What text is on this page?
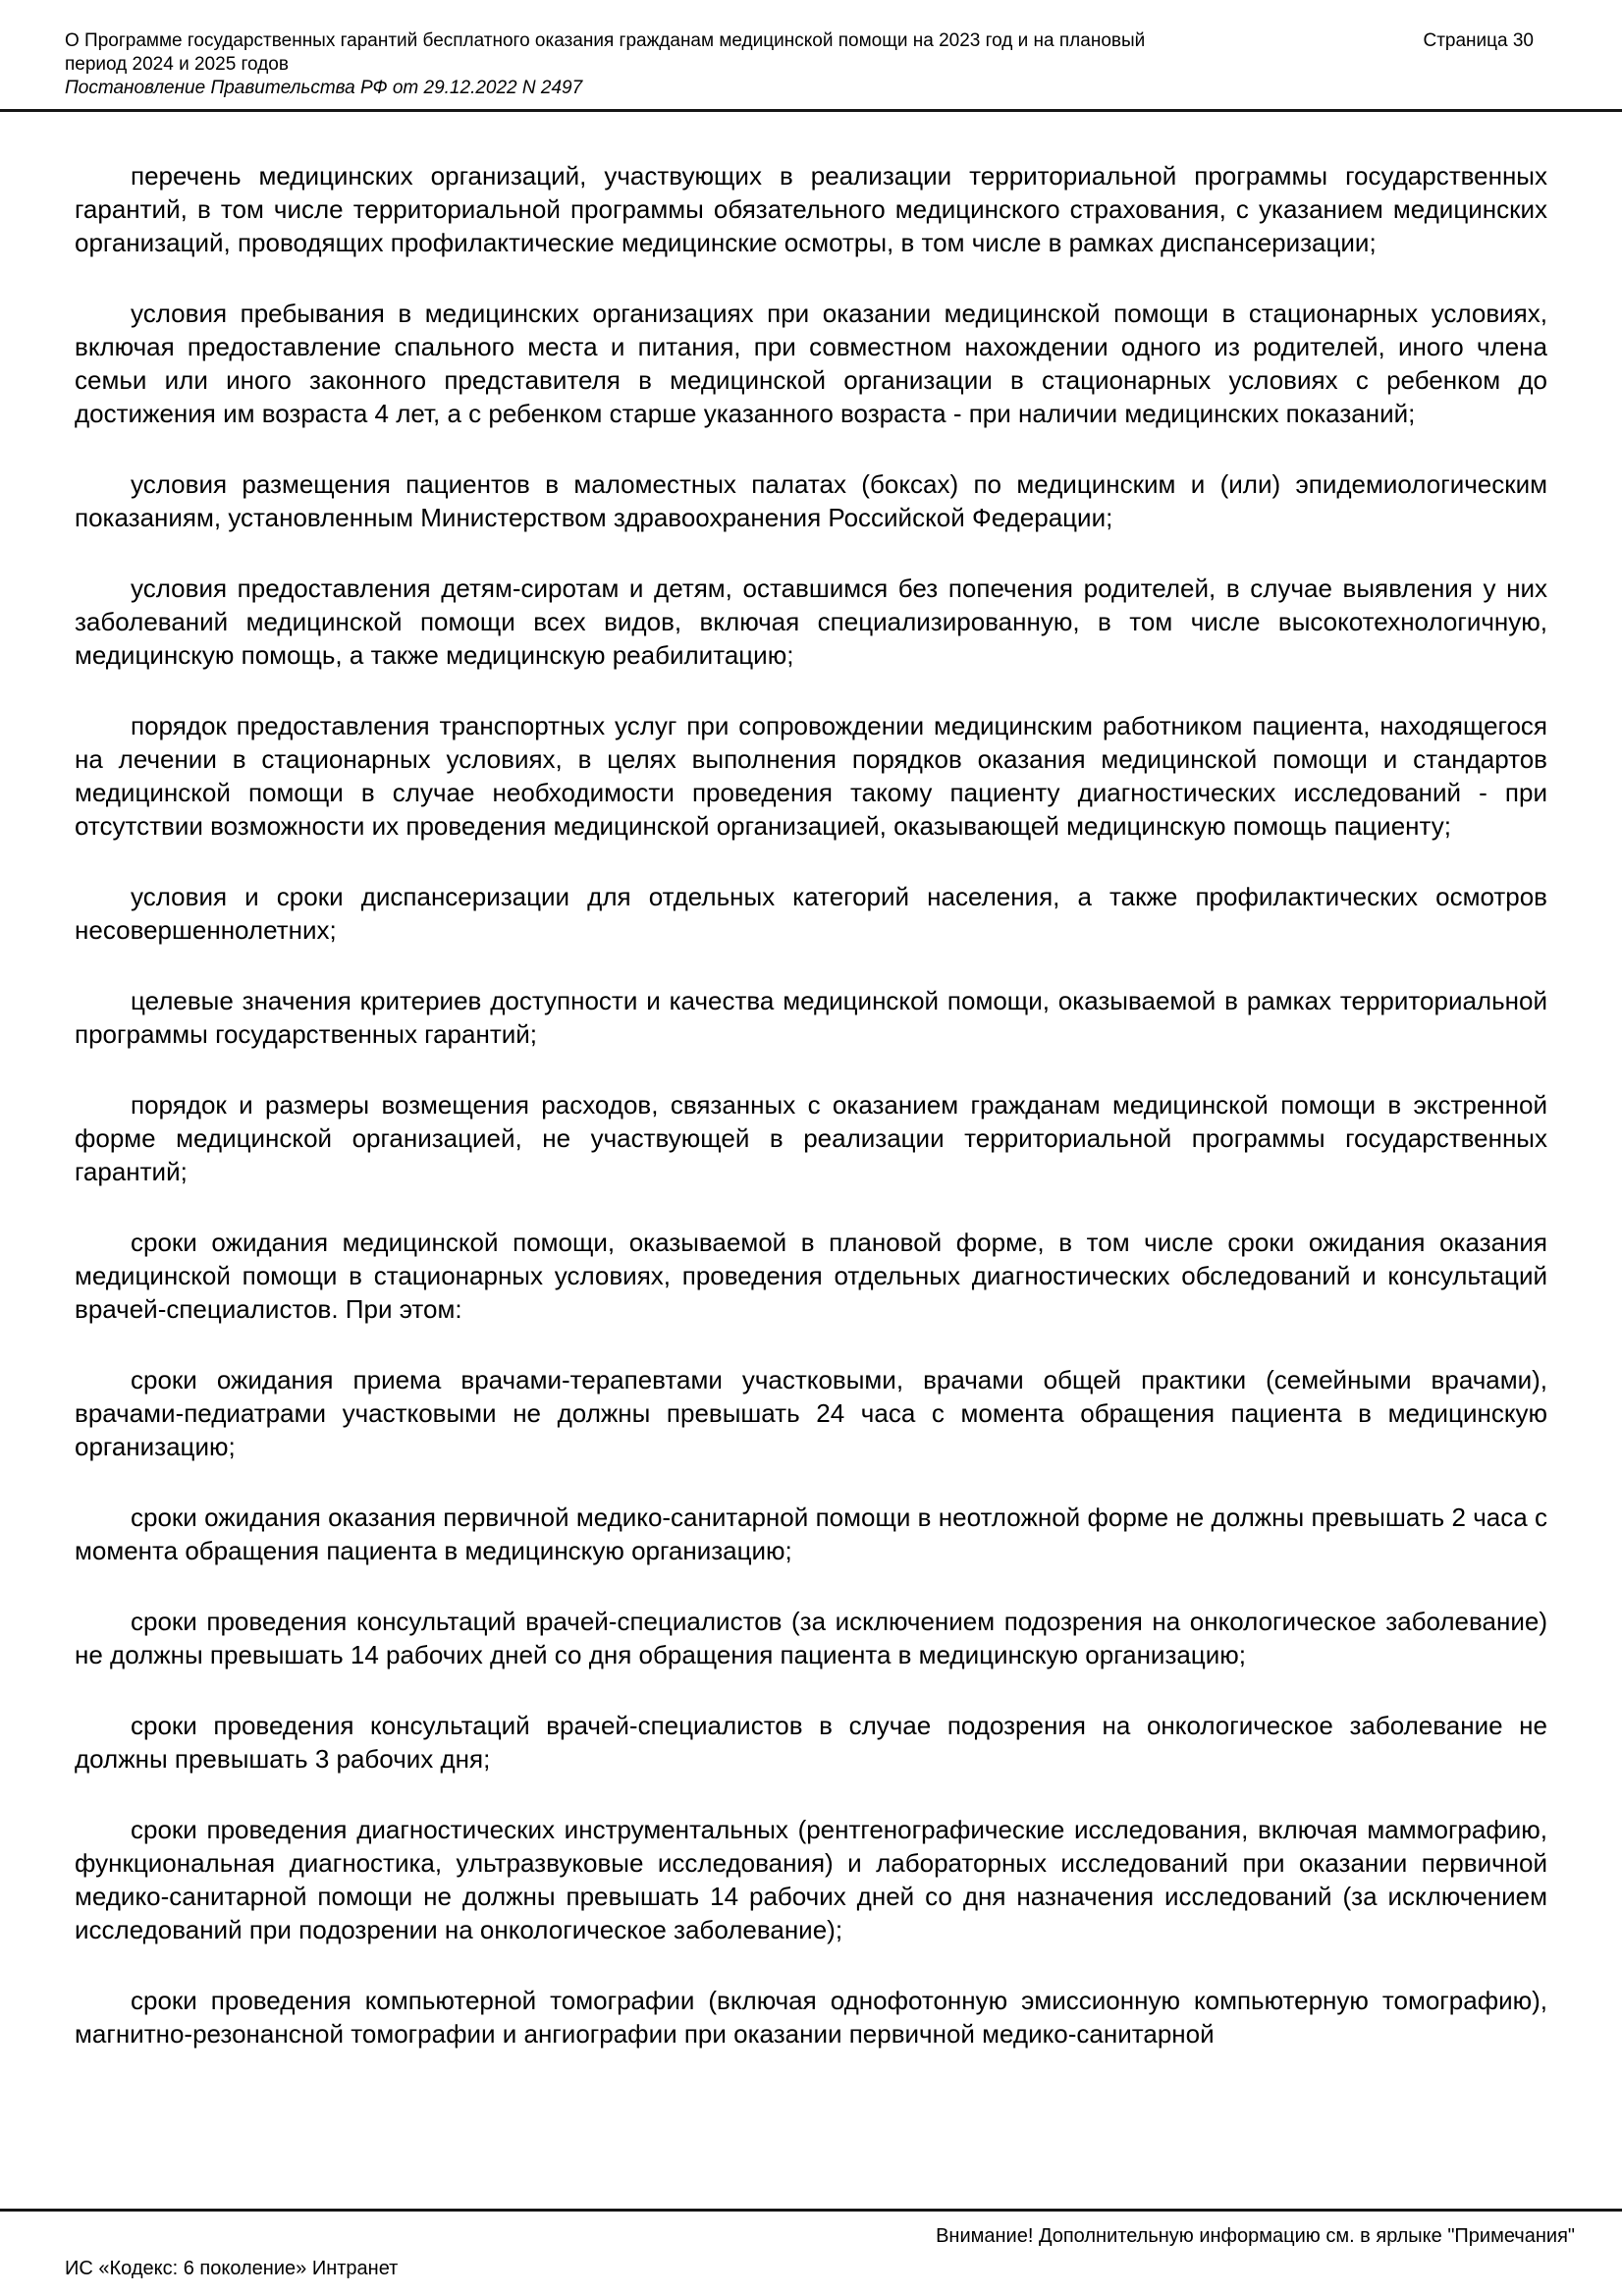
О Программе государственных гарантий бесплатного оказания гражданам медицинской помощи на 2023 год и на плановый период 2024 и 2025 годов
Страница 30
Постановление Правительства РФ от 29.12.2022 N 2497

перечень медицинских организаций, участвующих в реализации территориальной программы государственных гарантий, в том числе территориальной программы обязательного медицинского страхования, с указанием медицинских организаций, проводящих профилактические медицинские осмотры, в том числе в рамках диспансеризации;

условия пребывания в медицинских организациях при оказании медицинской помощи в стационарных условиях, включая предоставление спального места и питания, при совместном нахождении одного из родителей, иного члена семьи или иного законного представителя в медицинской организации в стационарных условиях с ребенком до достижения им возраста 4 лет, а с ребенком старше указанного возраста - при наличии медицинских показаний;

условия размещения пациентов в маломестных палатах (боксах) по медицинским и (или) эпидемиологическим показаниям, установленным Министерством здравоохранения Российской Федерации;

условия предоставления детям-сиротам и детям, оставшимся без попечения родителей, в случае выявления у них заболеваний медицинской помощи всех видов, включая специализированную, в том числе высокотехнологичную, медицинскую помощь, а также медицинскую реабилитацию;

порядок предоставления транспортных услуг при сопровождении медицинским работником пациента, находящегося на лечении в стационарных условиях, в целях выполнения порядков оказания медицинской помощи и стандартов медицинской помощи в случае необходимости проведения такому пациенту диагностических исследований - при отсутствии возможности их проведения медицинской организацией, оказывающей медицинскую помощь пациенту;

условия и сроки диспансеризации для отдельных категорий населения, а также профилактических осмотров несовершеннолетних;

целевые значения критериев доступности и качества медицинской помощи, оказываемой в рамках территориальной программы государственных гарантий;

порядок и размеры возмещения расходов, связанных с оказанием гражданам медицинской помощи в экстренной форме медицинской организацией, не участвующей в реализации территориальной программы государственных гарантий;

сроки ожидания медицинской помощи, оказываемой в плановой форме, в том числе сроки ожидания оказания медицинской помощи в стационарных условиях, проведения отдельных диагностических обследований и консультаций врачей-специалистов. При этом:

сроки ожидания приема врачами-терапевтами участковыми, врачами общей практики (семейными врачами), врачами-педиатрами участковыми не должны превышать 24 часа с момента обращения пациента в медицинскую организацию;

сроки ожидания оказания первичной медико-санитарной помощи в неотложной форме не должны превышать 2 часа с момента обращения пациента в медицинскую организацию;

сроки проведения консультаций врачей-специалистов (за исключением подозрения на онкологическое заболевание) не должны превышать 14 рабочих дней со дня обращения пациента в медицинскую организацию;

сроки проведения консультаций врачей-специалистов в случае подозрения на онкологическое заболевание не должны превышать 3 рабочих дня;

сроки проведения диагностических инструментальных (рентгенографические исследования, включая маммографию, функциональная диагностика, ультразвуковые исследования) и лабораторных исследований при оказании первичной медико-санитарной помощи не должны превышать 14 рабочих дней со дня назначения исследований (за исключением исследований при подозрении на онкологическое заболевание);

сроки проведения компьютерной томографии (включая однофотонную эмиссионную компьютерную томографию), магнитно-резонансной томографии и ангиографии при оказании первичной медико-санитарной

Внимание! Дополнительную информацию см. в ярлыке "Примечания"
ИС «Кодекс: 6 поколение» Интранет
